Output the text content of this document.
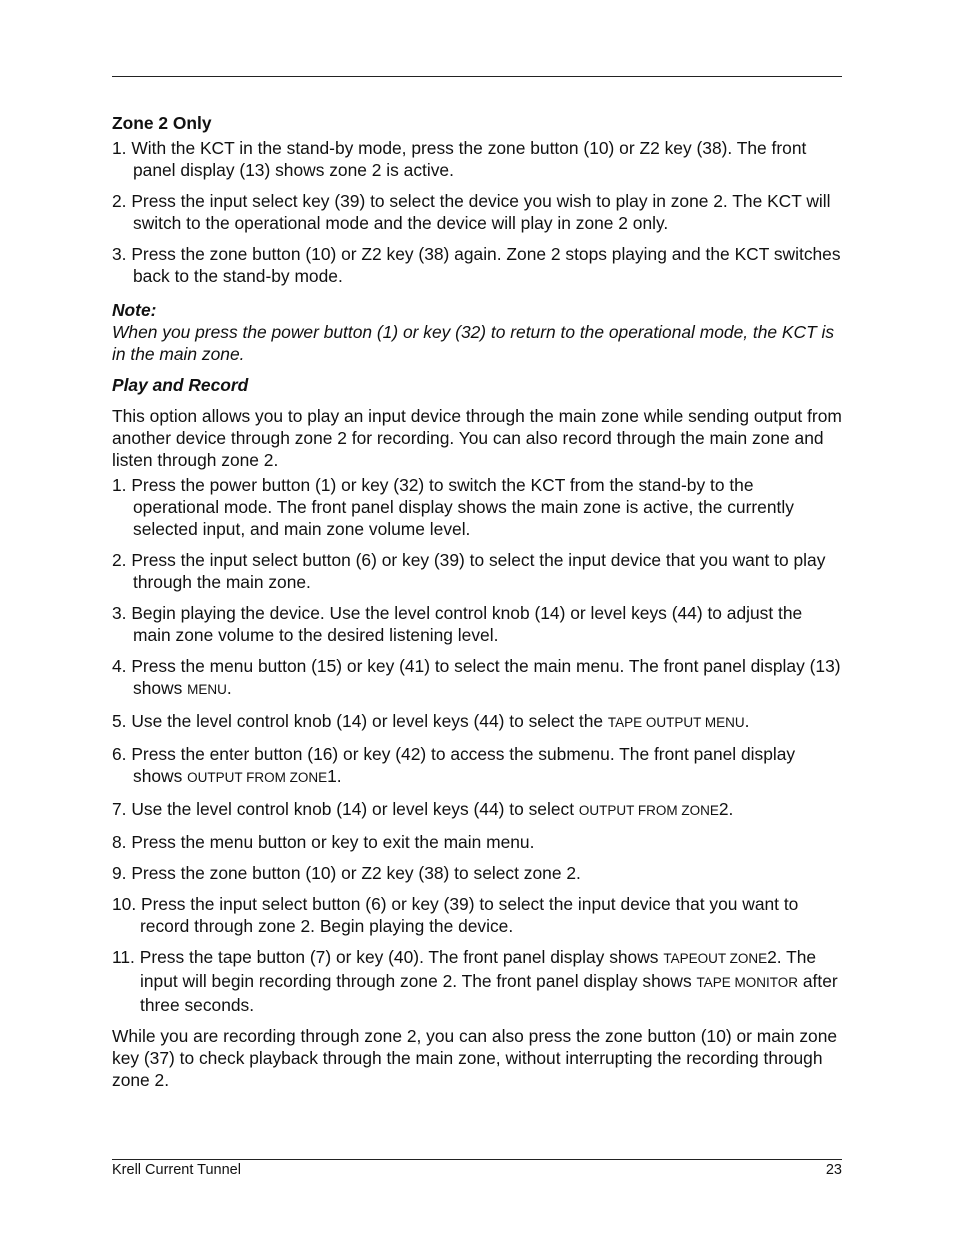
Zone 2 Only
1. With the KCT in the stand-by mode, press the zone button (10) or Z2 key (38). The front panel display (13) shows zone 2 is active.
2. Press the input select key (39) to select the device you wish to play in zone 2. The KCT will switch to the operational mode and the device will play in zone 2 only.
3. Press the zone button (10) or Z2 key (38) again. Zone 2 stops playing and the KCT switches back to the stand-by mode.
Note:
When you press the power button (1) or key (32) to return to the operational mode, the KCT is in the main zone.
Play and Record

This option allows you to play an input device through the main zone while sending output from another device through zone 2 for recording. You can also record through the main zone and listen through zone 2.

1. Press the power button (1) or key (32) to switch the KCT from the stand-by to the operational mode. The front panel display shows the main zone is active, the currently selected input, and main zone volume level.
2. Press the input select button (6) or key (39) to select the input device that you want to play through the main zone.
3. Begin playing the device. Use the level control knob (14) or level keys (44) to adjust the main zone volume to the desired listening level.
4. Press the menu button (15) or key (41) to select the main menu. The front panel display (13) shows MENU.
5. Use the level control knob (14) or level keys (44) to select the TAPE OUTPUT MENU.
6. Press the enter button (16) or key (42) to access the submenu. The front panel display shows OUTPUT FROM ZONE1.
7. Use the level control knob (14) or level keys (44) to select OUTPUT FROM ZONE2.
8. Press the menu button or key to exit the main menu.
9. Press the zone button (10) or Z2 key (38) to select zone 2.
10. Press the input select button (6) or key (39) to select the input device that you want to record through zone 2. Begin playing the device.
11. Press the tape button (7) or key (40). The front panel display shows TAPEOUT ZONE2. The input will begin recording through zone 2. The front panel display shows TAPE MONITOR after three seconds.

While you are recording through zone 2, you can also press the zone button (10) or main zone key (37) to check playback through the main zone, without interrupting the recording through zone 2.

Krell Current Tunnel	23
